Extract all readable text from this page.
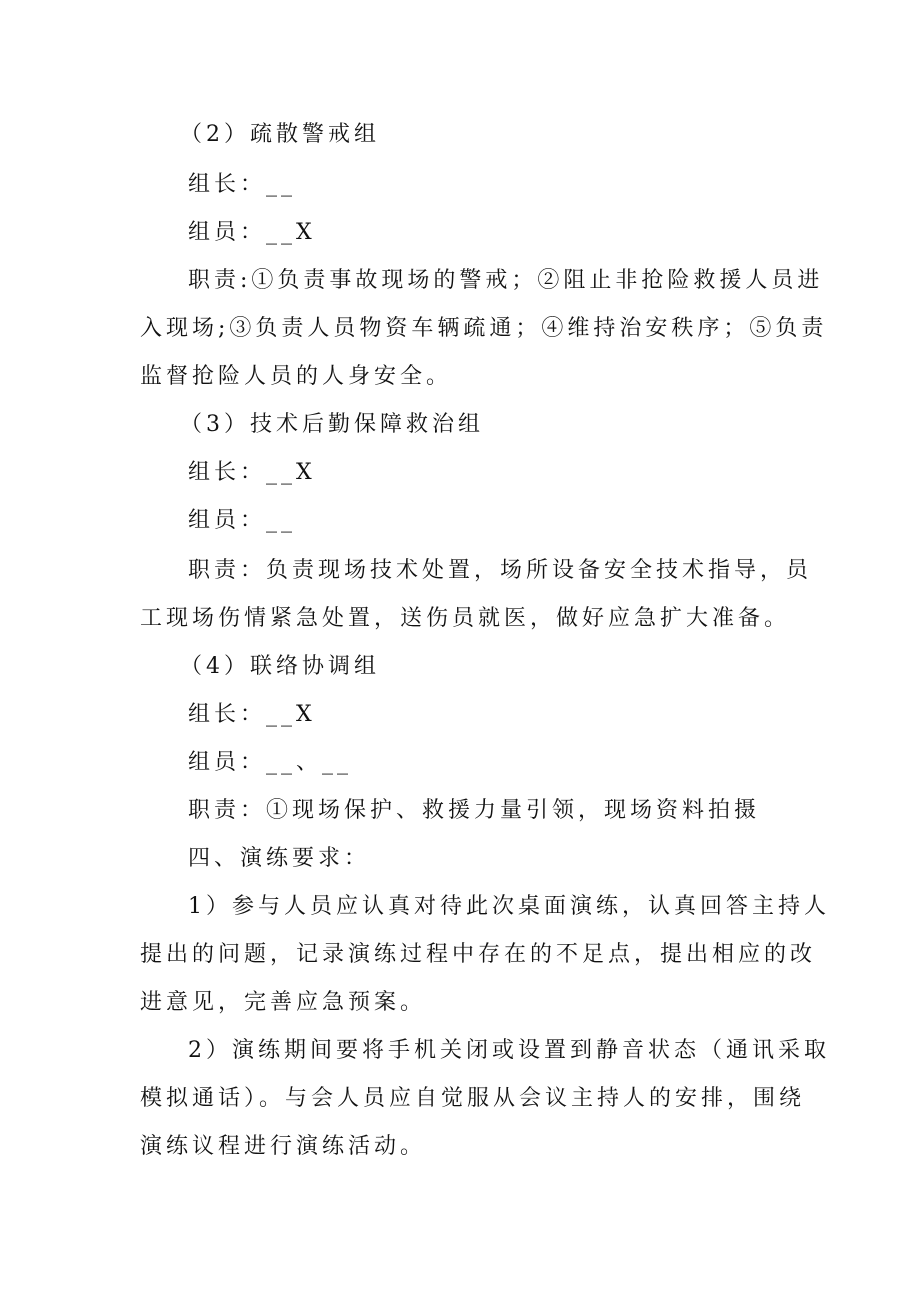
（2）疏散警戒组
组长：__
组员：__X
职责:①负责事故现场的警戒；②阻止非抢险救援人员进
入现场;③负责人员物资车辆疏通；④维持治安秩序；⑤负责
监督抢险人员的人身安全。
（3）技术后勤保障救治组
组长：__X
组员：__
职责：负责现场技术处置，场所设备安全技术指导，员
工现场伤情紧急处置，送伤员就医，做好应急扩大准备。
（4）联络协调组
组长：__X
组员：__、__
职责：①现场保护、救援力量引领，现场资料拍摄
四、演练要求：
1）参与人员应认真对待此次桌面演练，认真回答主持人
提出的问题，记录演练过程中存在的不足点，提出相应的改
进意见，完善应急预案。
2）演练期间要将手机关闭或设置到静音状态（通讯采取
模拟通话）。与会人员应自觉服从会议主持人的安排，围绕
演练议程进行演练活动。
